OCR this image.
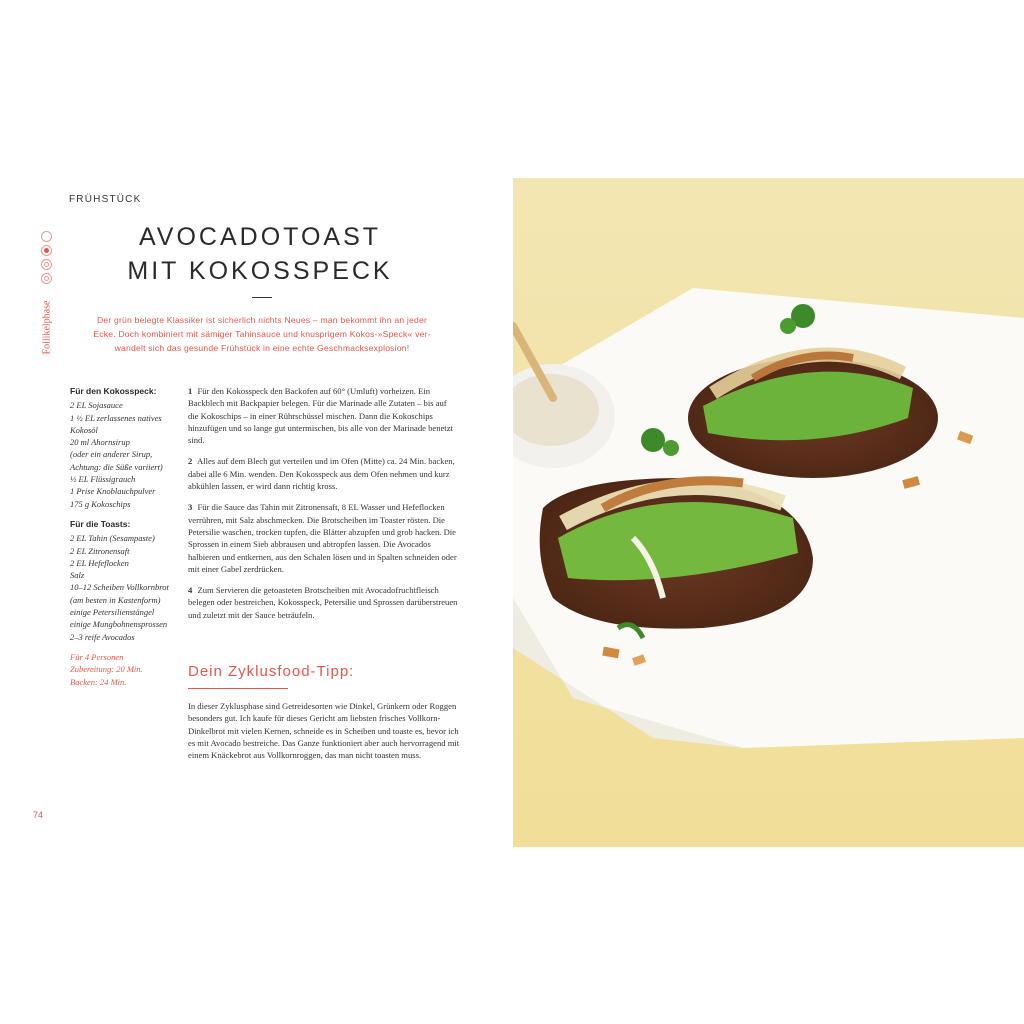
FRÜHSTÜCK
Follikelphase
AVOCADOTOAST
MIT KOKOSSPECK
Der grün belegte Klassiker ist sicherlich nichts Neues – man bekommt ihn an jeder
Ecke. Doch kombiniert mit sämiger Tahinsauce und knusprigem Kokos-»Speck« ver-
wandelt sich das gesunde Frühstück in eine echte Geschmacksexplosion!
Für den Kokosspeck:
2 EL Sojasauce
1 ½ EL zerlassenes natives
Kokosöl
20 ml Ahornsirup
(oder ein anderer Sirup,
Achtung: die Süße variiert)
½ EL Flüssigrauch
1 Prise Knoblauchpulver
175 g Kokoschips
Für die Toasts:
2 EL Tahin (Sesampaste)
2 EL Zitronensaft
2 EL Hefeflocken
Salz
10–12 Scheiben Vollkornbrot
(am besten in Kastenform)
einige Petersilienstängel
einige Mungbohnensprossen
2–3 reife Avocados
Für 4 Personen
Zubereitung: 20 Min.
Backen: 24 Min.

1 Für den Kokosspeck den Backofen auf 60° (Umluft) vorheizen. Ein Backblech mit Backpapier belegen. Für die Marinade alle Zutaten – bis auf die Kokoschips – in einer Rührschüssel mischen. Dann die Kokoschips hinzufügen und so lange gut untermischen, bis alle von der Marinade benetzt sind.

2 Alles auf dem Blech gut verteilen und im Ofen (Mitte) ca. 24 Min. backen, dabei alle 6 Min. wenden. Den Kokosspeck aus dem Ofen nehmen und kurz abkühlen lassen, er wird dann richtig kross.

3 Für die Sauce das Tahin mit Zitronensaft, 8 EL Wasser und Hefeflocken verrühren, mit Salz abschmecken. Die Brotscheiben im Toaster rösten. Die Petersilie waschen, trocken tupfen, die Blätter abzupfen und grob hacken. Die Sprossen in einem Sieb abbrausen und abtropfen lassen. Die Avocados halbieren und entkernen, aus den Schalen lösen und in Spalten schneiden oder mit einer Gabel zerdrücken.

4 Zum Servieren die getoasteten Brotscheiben mit Avocadofruchtfleisch belegen oder bestreichen, Kokosspeck, Petersilie und Sprossen darüberstreuen und zuletzt mit der Sauce beträufeln.

Dein Zyklusfood-Tipp:
In dieser Zyklusphase sind Getreidesorten wie Dinkel, Grünkern oder Roggen besonders gut. Ich kaufe für dieses Gericht am liebsten frisches Vollkorn-Dinkelbrot mit vielen Kernen, schneide es in Scheiben und toaste es, bevor ich es mit Avocado bestreiche. Das Ganze funktioniert aber auch hervorragend mit einem Knäckebrot aus Vollkornroggen, das man nicht toasten muss.
74
